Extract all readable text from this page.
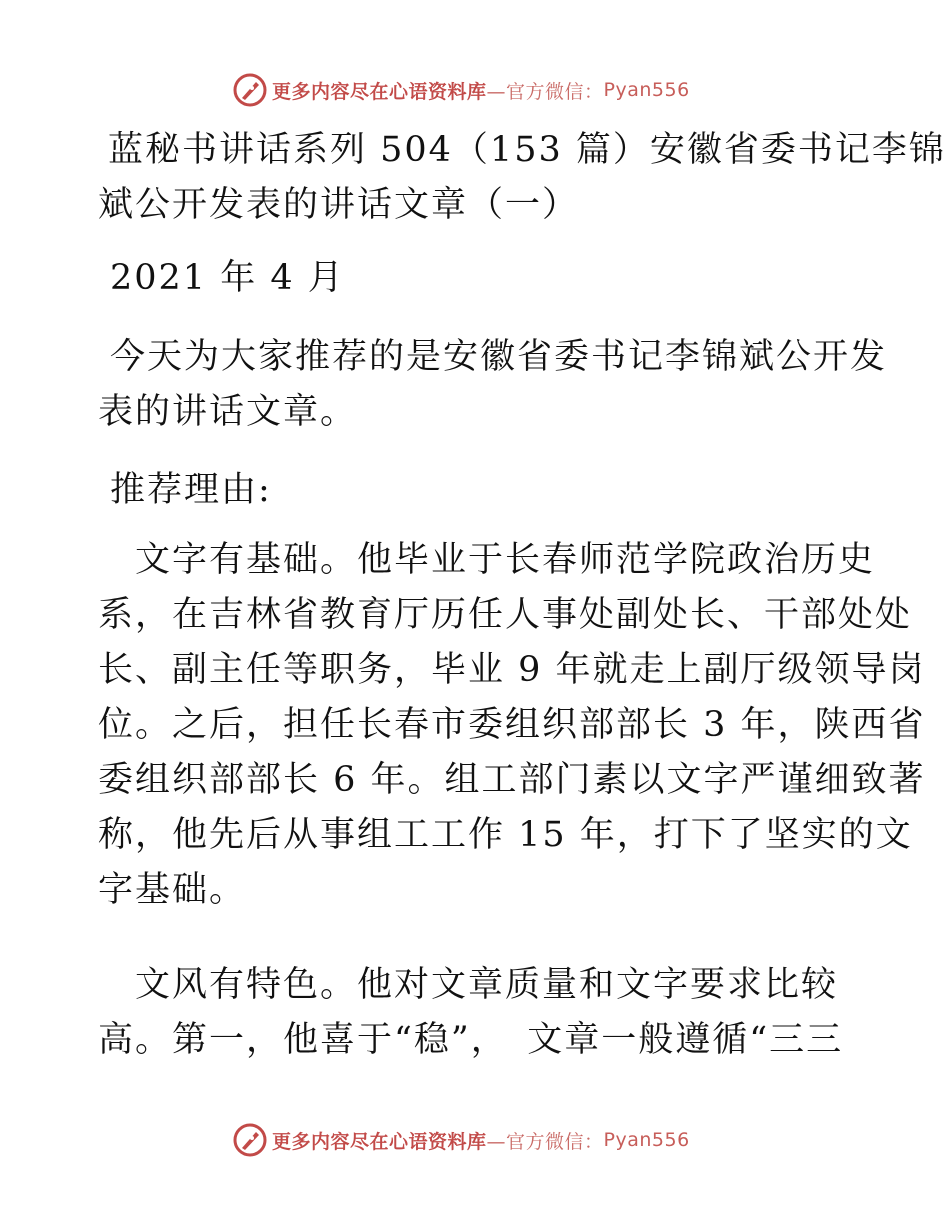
更多内容尽在心语资料库 —官方微信： Pyan556
蓝秘书讲话系列 504（153 篇）安徽省委书记李锦
斌公开发表的讲话文章（一）
2021 年 4 月
今天为大家推荐的是安徽省委书记李锦斌公开发
表的讲话文章。
推荐理由:
　文字有基础。他毕业于长春师范学院政治历史
系，在吉林省教育厅历任人事处副处长、干部处处
长、副主任等职务，毕业 9 年就走上副厅级领导岗
位。之后，担任长春市委组织部部长 3 年，陕西省
委组织部部长 6 年。组工部门素以文字严谨细致著
称，他先后从事组工工作 15 年，打下了坚实的文
字基础。
　文风有特色。他对文章质量和文字要求比较
高。第一，他喜于“稳”，　文章一般遵循“三三
更多内容尽在心语资料库 —官方微信： Pyan556
